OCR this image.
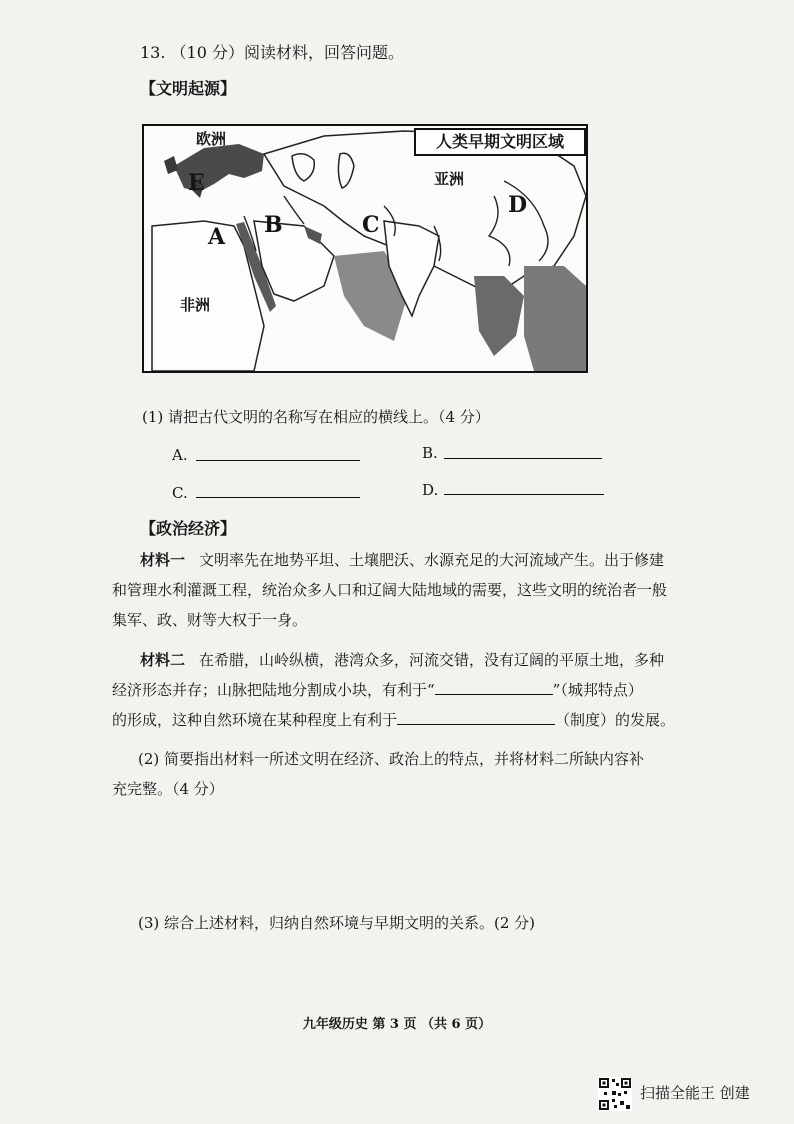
13. （10 分）阅读材料，回答问题。
【文明起源】
人类早期文明区域
欧洲
亚洲
非洲
E
A B	C
D
(1) 请把古代文明的名称写在相应的横线上。（4 分）
A.	B.
C.	D.
【政治经济】
材料一 文明率先在地势平坦、土壤肥沃、水源充足的大河流域产生。出于修建
和管理水利灌溉工程，统治众多人口和辽阔大陆地域的需要，这些文明的统治者一般
集军、政、财等大权于一身。
材料二 在希腊，山岭纵横，港湾众多，河流交错，没有辽阔的平原土地，多种
经济形态并存；山脉把陆地分割成小块，有利于“	”（城邦特点）
的形成，这种自然环境在某种程度上有利于	（制度）的发展。
(2) 简要指出材料一所述文明在经济、政治上的特点，并将材料二所缺内容补
充完整。（4 分）
(3) 综合上述材料，归纳自然环境与早期文明的关系。(2 分)
九年级历史 第 3 页 （共 6 页）
扫描全能王 创建
